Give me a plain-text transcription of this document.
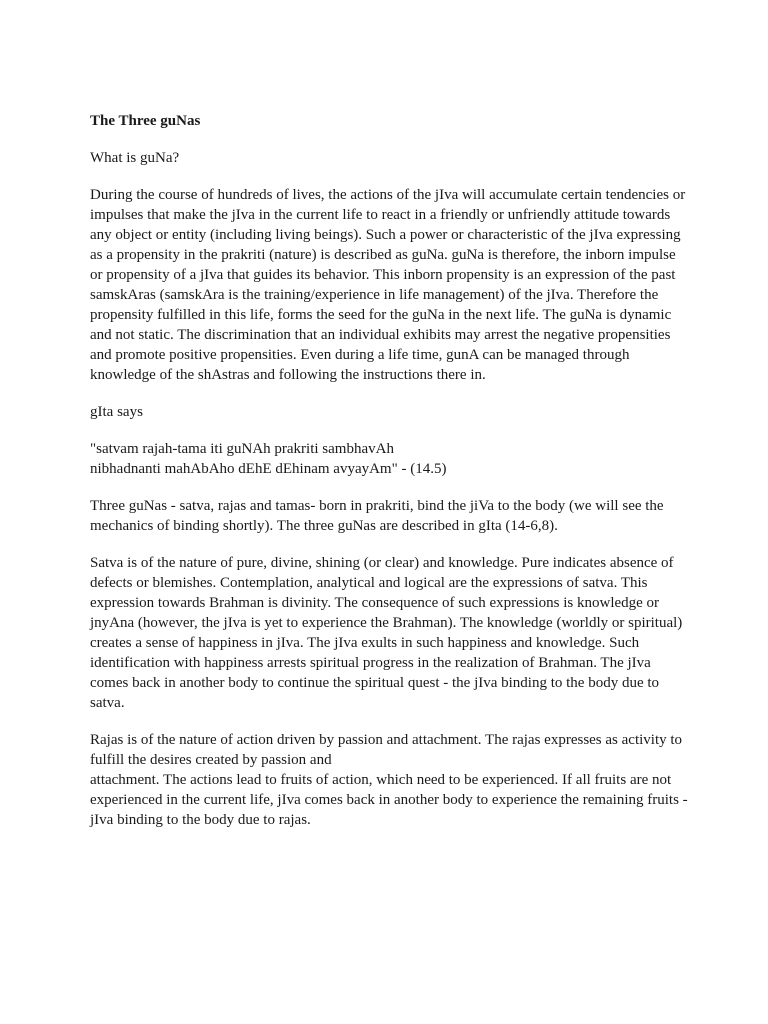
The Three guNas

What is guNa?

During the course of hundreds of lives, the actions of the jIva will accumulate certain tendencies or impulses that make the jIva in the current life to react in a friendly or unfriendly attitude towards any object or entity (including living beings). Such a power or characteristic of the jIva expressing as a propensity in the prakriti (nature) is described as guNa. guNa is therefore, the inborn impulse or propensity of a jIva that guides its behavior. This inborn propensity is an expression of the past samskAras (samskAra is the training/experience in life management) of the jIva. Therefore the propensity fulfilled in this life, forms the seed for the guNa in the next life. The guNa is dynamic and not static. The discrimination that an individual exhibits may arrest the negative propensities and promote positive propensities. Even during a life time, gunA can be managed through knowledge of the shAstras and following the instructions there in.

gIta says

"satvam rajah-tama iti guNAh prakriti sambhavAh
nibhadnanti mahAbAho dEhE dEhinam avyayAm" - (14.5)

Three guNas - satva, rajas and tamas- born in prakriti, bind the jiVa to the body (we will see the mechanics of binding shortly). The three guNas are described in gIta (14-6,8).

Satva is of the nature of pure, divine, shining (or clear) and knowledge. Pure indicates absence of defects or blemishes. Contemplation, analytical and logical are the expressions of satva. This expression towards Brahman is divinity. The consequence of such expressions is knowledge or jnyAna (however, the jIva is yet to experience the Brahman). The knowledge (worldly or spiritual) creates a sense of happiness in jIva. The jIva exults in such happiness and knowledge. Such identification with happiness arrests spiritual progress in the realization of Brahman. The jIva comes back in another body to continue the spiritual quest - the jIva binding to the body due to satva.

Rajas is of the nature of action driven by passion and attachment. The rajas expresses as activity to fulfill the desires created by passion and
attachment. The actions lead to fruits of action, which need to be experienced. If all fruits are not experienced in the current life, jIva comes back in another body to experience the remaining fruits - jIva binding to the body due to rajas.
